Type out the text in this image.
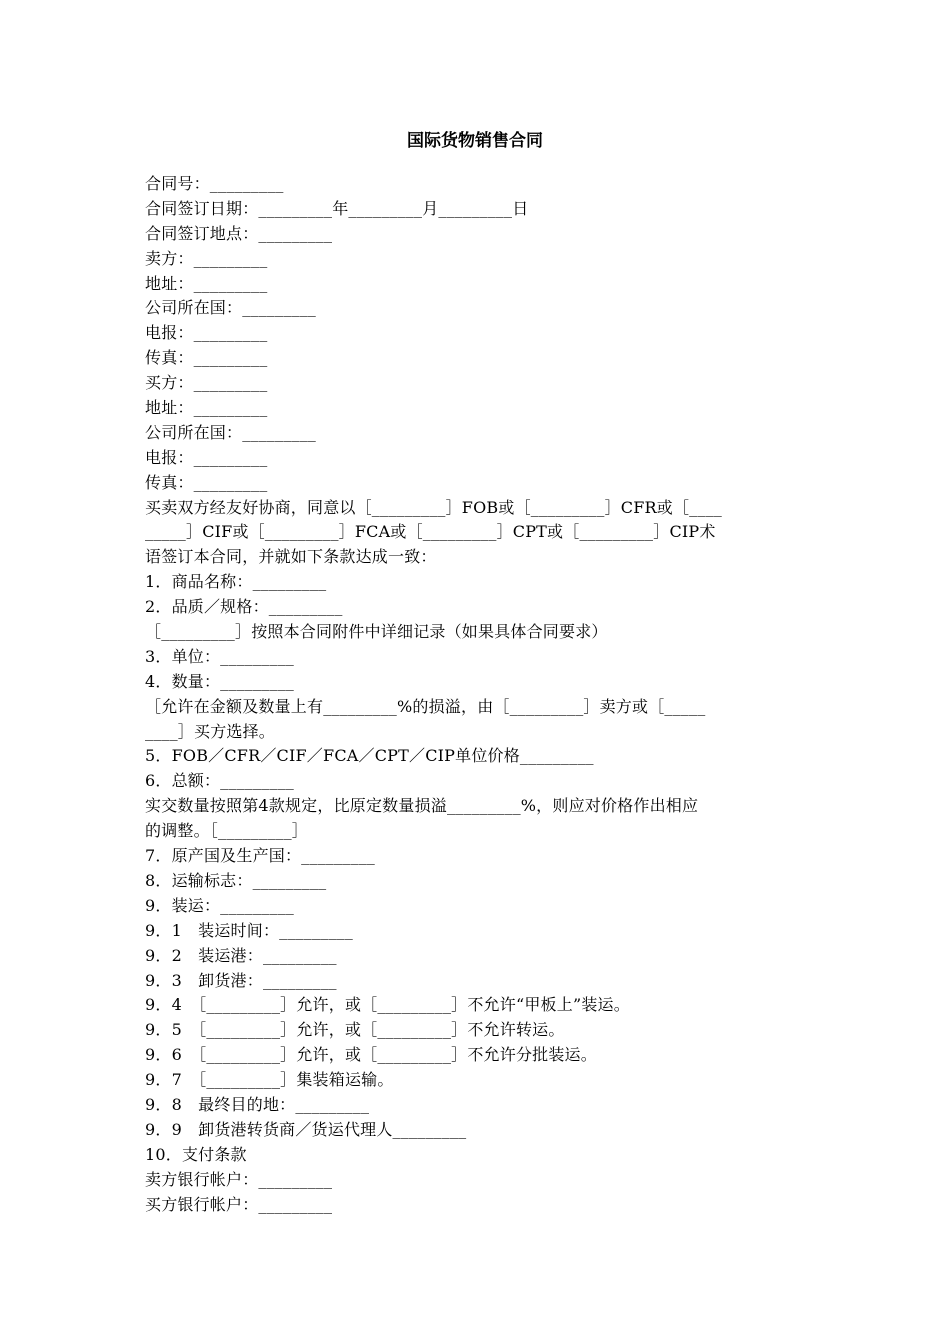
国际货物销售合同
合同号：_________
合同签订日期：_________年_________月_________日
合同签订地点：_________
卖方：_________
地址：_________
公司所在国：_________
电报：_________
传真：_________
买方：_________
地址：_________
公司所在国：_________
电报：_________
传真：_________
买卖双方经友好协商，同意以［_________］FOB或［_________］CFR或［____
_____］CIF或［_________］FCA或［_________］CPT或［_________］CIP术
语签订本合同，并就如下条款达成一致：
1．商品名称：_________
2．品质／规格：_________
［_________］按照本合同附件中详细记录（如果具体合同要求）
3．单位：_________
4．数量：_________
［允许在金额及数量上有_________%的损溢，由［_________］卖方或［_____
____］买方选择。
5．FOB／CFR／CIF／FCA／CPT／CIP单位价格_________
6．总额：_________
实交数量按照第4款规定，比原定数量损溢_________%，则应对价格作出相应
的调整。［_________］
7．原产国及生产国：_________
8．运输标志：_________
9．装运：_________
9．1　装运时间：_________
9．2　装运港：_________
9．3　卸货港：_________
9．4　［_________］允许，或［_________］不允许“甲板上”装运。
9．5　［_________］允许，或［_________］不允许转运。
9．6　［_________］允许，或［_________］不允许分批装运。
9．7　［_________］集装箱运输。
9．8　最终目的地：_________
9．9　卸货港转货商／货运代理人_________
10．支付条款
卖方银行帐户：_________
买方银行帐户：_________
